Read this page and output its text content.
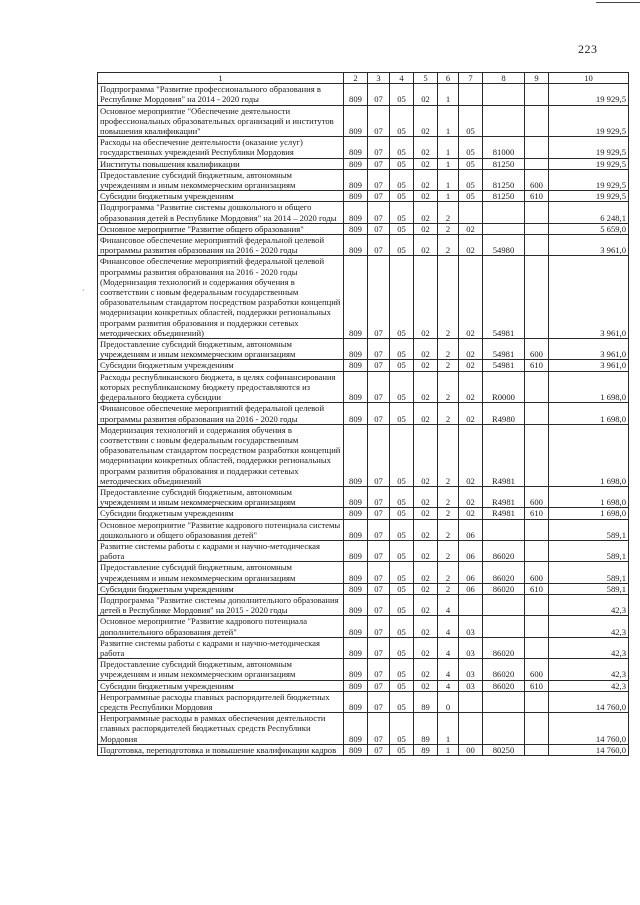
223
·
1	2	3	4	5	6	7	8	9	10
Подпрограмма "Развитие профессионального образования в Республике Мордовия" на 2014 - 2020 годы	809	07	05	02	1				19 929,5
Основное мероприятие "Обеспечение деятельности профессиональных образовательных организаций и институтов повышения квалификации"	809	07	05	02	1	05			19 929,5
Расходы на обеспечение деятельности (оказание услуг) государственных учреждений Республики Мордовия	809	07	05	02	1	05	81000		19 929,5
Институты повышения квалификации	809	07	05	02	1	05	81250		19 929,5
Предоставление субсидий бюджетным, автономным учреждениям и иным некоммерческим организациям	809	07	05	02	1	05	81250	600	19 929,5
Субсидии бюджетным учреждениям	809	07	05	02	1	05	81250	610	19 929,5
Подпрограмма "Развитие системы дошкольного и общего образования детей в Республике Мордовия" на 2014 – 2020 годы	809	07	05	02	2				6 248,1
Основное мероприятие "Развитие общего образования"	809	07	05	02	2	02			5 659,0
Финансовое обеспечение мероприятий федеральной целевой программы развития образования на 2016 - 2020 годы	809	07	05	02	2	02	54980		3 961,0
Финансовое обеспечение мероприятий федеральной целевой программы развития образования на 2016 - 2020 годы (Модернизация технологий и содержания обучения в соответствии с новым федеральным государственным образовательным стандартом посредством разработки концепций модернизации конкретных областей, поддержки региональных программ развития образования и поддержки сетевых методических объединений)	809	07	05	02	2	02	54981		3 961,0
Предоставление субсидий бюджетным, автономным учреждениям и иным некоммерческим организациям	809	07	05	02	2	02	54981	600	3 961,0
Субсидии бюджетным учреждениям	809	07	05	02	2	02	54981	610	3 961,0
Расходы республиканского бюджета, в целях софинансирования которых республиканскому бюджету предоставляются из федерального бюджета субсидии	809	07	05	02	2	02	R0000		1 698,0
Финансовое обеспечение мероприятий федеральной целевой программы развития образования на 2016 - 2020 годы	809	07	05	02	2	02	R4980		1 698,0
Модернизация технологий и содержания обучения в соответствии с новым федеральным государственным образовательным стандартом посредством разработки концепций модернизации конкретных областей, поддержки региональных программ развития образования и поддержки сетевых методических объединений	809	07	05	02	2	02	R4981		1 698,0
Предоставление субсидий бюджетным, автономным учреждениям и иным некоммерческим организациям	809	07	05	02	2	02	R4981	600	1 698,0
Субсидии бюджетным учреждениям	809	07	05	02	2	02	R4981	610	1 698,0
Основное мероприятие "Развитие кадрового потенциала системы дошкольного и общего образования детей"	809	07	05	02	2	06			589,1
Развитие системы работы с кадрами и научно-методическая работа	809	07	05	02	2	06	86020		589,1
Предоставление субсидий бюджетным, автономным учреждениям и иным некоммерческим организациям	809	07	05	02	2	06	86020	600	589,1
Субсидии бюджетным учреждениям	809	07	05	02	2	06	86020	610	589,1
Подпрограмма "Развитие системы дополнительного образования детей в Республике Мордовия" на 2015 - 2020 годы	809	07	05	02	4				42,3
Основное мероприятие "Развитие кадрового потенциала дополнительного образования детей"	809	07	05	02	4	03			42,3
Развитие системы работы с кадрами и научно-методическая работа	809	07	05	02	4	03	86020		42,3
Предоставление субсидий бюджетным, автономным учреждениям и иным некоммерческим организациям	809	07	05	02	4	03	86020	600	42,3
Субсидии бюджетным учреждениям	809	07	05	02	4	03	86020	610	42,3
Непрограммные расходы главных распорядителей бюджетных средств Республики Мордовия	809	07	05	89	0				14 760,0
Непрограммные расходы в рамках обеспечения деятельности главных распорядителей бюджетных средств Республики Мордовия	809	07	05	89	1				14 760,0
Подготовка, переподготовка и повышение квалификации кадров	809	07	05	89	1	00	80250		14 760,0
